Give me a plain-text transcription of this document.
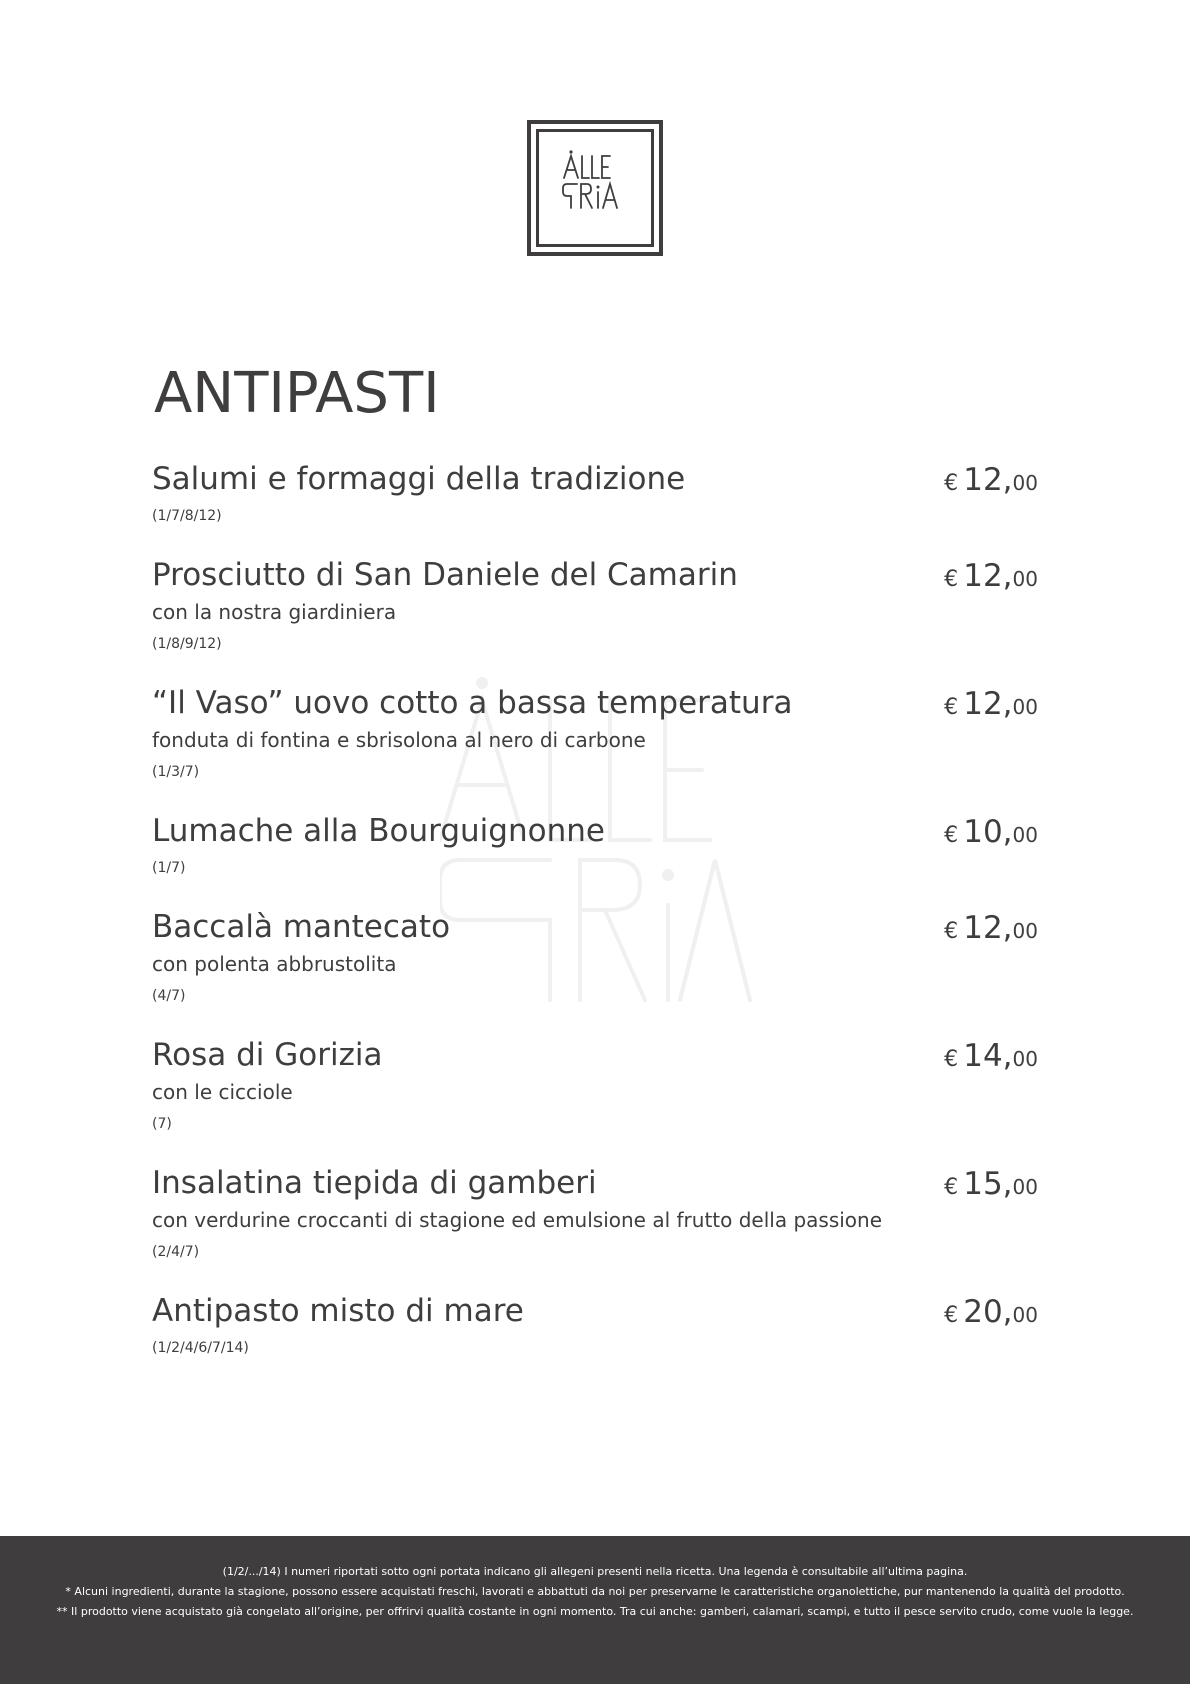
ANTIPASTI
Salumi e formaggi della tradizione
(1/7/8/12)
€ 12,00
Prosciutto di San Daniele del Camarin
con la nostra giardiniera
(1/8/9/12)
€ 12,00
“Il Vaso” uovo cotto a bassa temperatura
fonduta di fontina e sbrisolona al nero di carbone
(1/3/7)
€ 12,00
Lumache alla Bourguignonne
(1/7)
€ 10,00
Baccalà mantecato
con polenta abbrustolita
(4/7)
€ 12,00
Rosa di Gorizia
con le cicciole
(7)
€ 14,00
Insalatina tiepida di gamberi
con verdurine croccanti di stagione ed emulsione al frutto della passione
(2/4/7)
€ 15,00
Antipasto misto di mare
(1/2/4/6/7/14)
€ 20,00
(1/2/.../14) I numeri riportati sotto ogni portata indicano gli allegeni presenti nella ricetta. Una legenda è consultabile all’ultima pagina.
* Alcuni ingredienti, durante la stagione, possono essere acquistati freschi, lavorati e abbattuti da noi per preservarne le caratteristiche organolettiche, pur mantenendo la qualità del prodotto.
** Il prodotto viene acquistato già congelato all’origine, per offrirvi qualità costante in ogni momento. Tra cui anche: gamberi, calamari, scampi, e tutto il pesce servito crudo, come vuole la legge.
